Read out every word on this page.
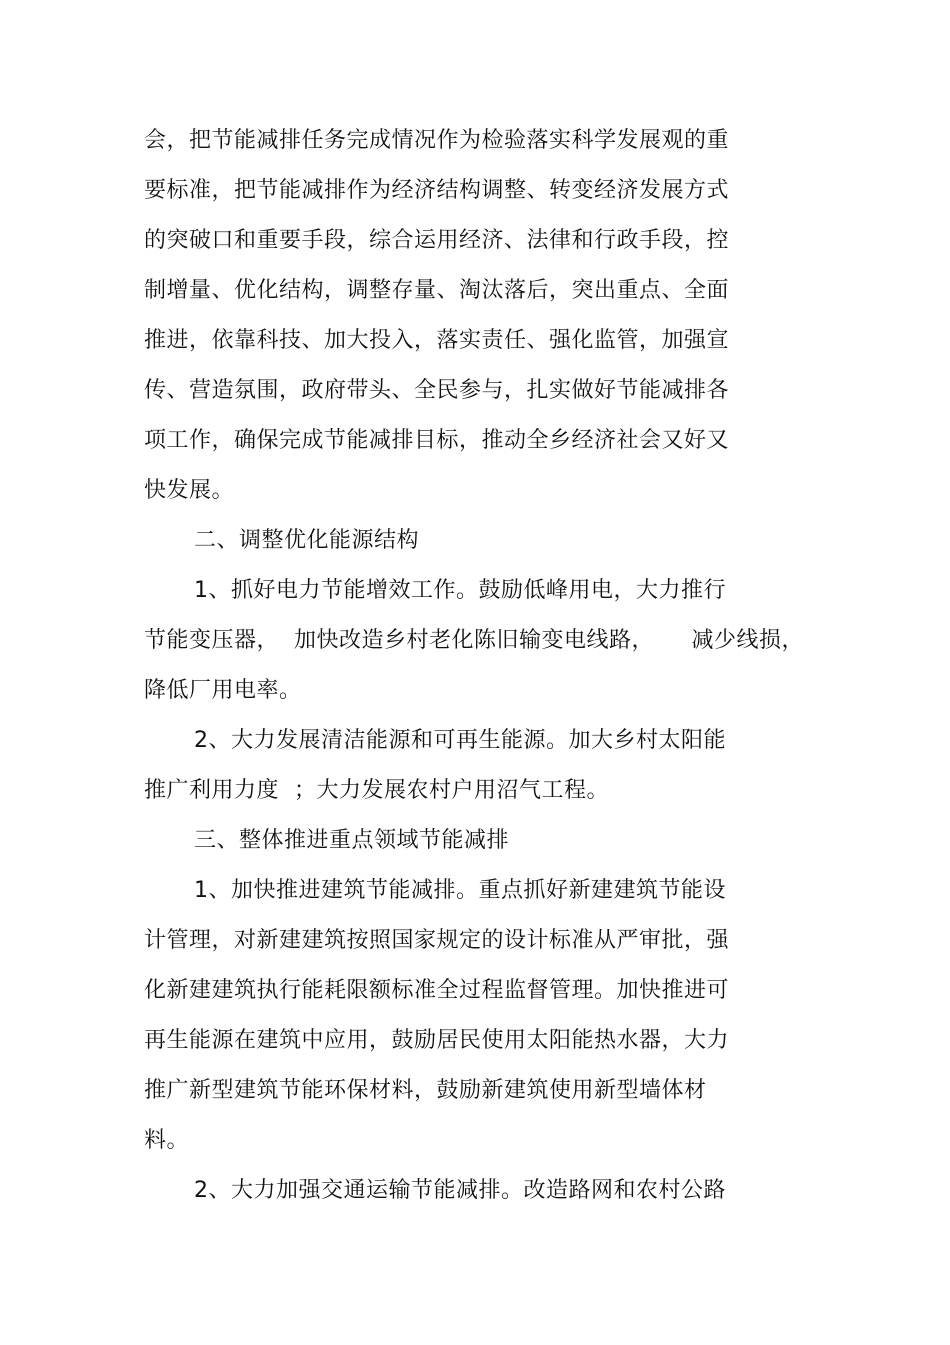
会，把节能减排任务完成情况作为检验落实科学发展观的重
要标准，把节能减排作为经济结构调整、转变经济发展方式
的突破口和重要手段，综合运用经济、法律和行政手段，控
制增量、优化结构，调整存量、淘汰落后，突出重点、全面
推进，依靠科技、加大投入，落实责任、强化监管，加强宣
传、营造氛围，政府带头、全民参与，扎实做好节能减排各
项工作，确保完成节能减排目标，推动全乡经济社会又好又
快发展。
二、调整优化能源结构
1、抓好电力节能增效工作。鼓励低峰用电，大力推行
节能变压器，  加快改造乡村老化陈旧输变电线路，     减少线损，
降低厂用电率。
2、大力发展清洁能源和可再生能源。加大乡村太阳能
推广利用力度  ；大力发展农村户用沼气工程。
三、整体推进重点领域节能减排
1、加快推进建筑节能减排。重点抓好新建建筑节能设
计管理，对新建建筑按照国家规定的设计标准从严审批，强
化新建建筑执行能耗限额标准全过程监督管理。加快推进可
再生能源在建筑中应用，鼓励居民使用太阳能热水器，大力
推广新型建筑节能环保材料，鼓励新建筑使用新型墙体材
料。
2、大力加强交通运输节能减排。改造路网和农村公路
